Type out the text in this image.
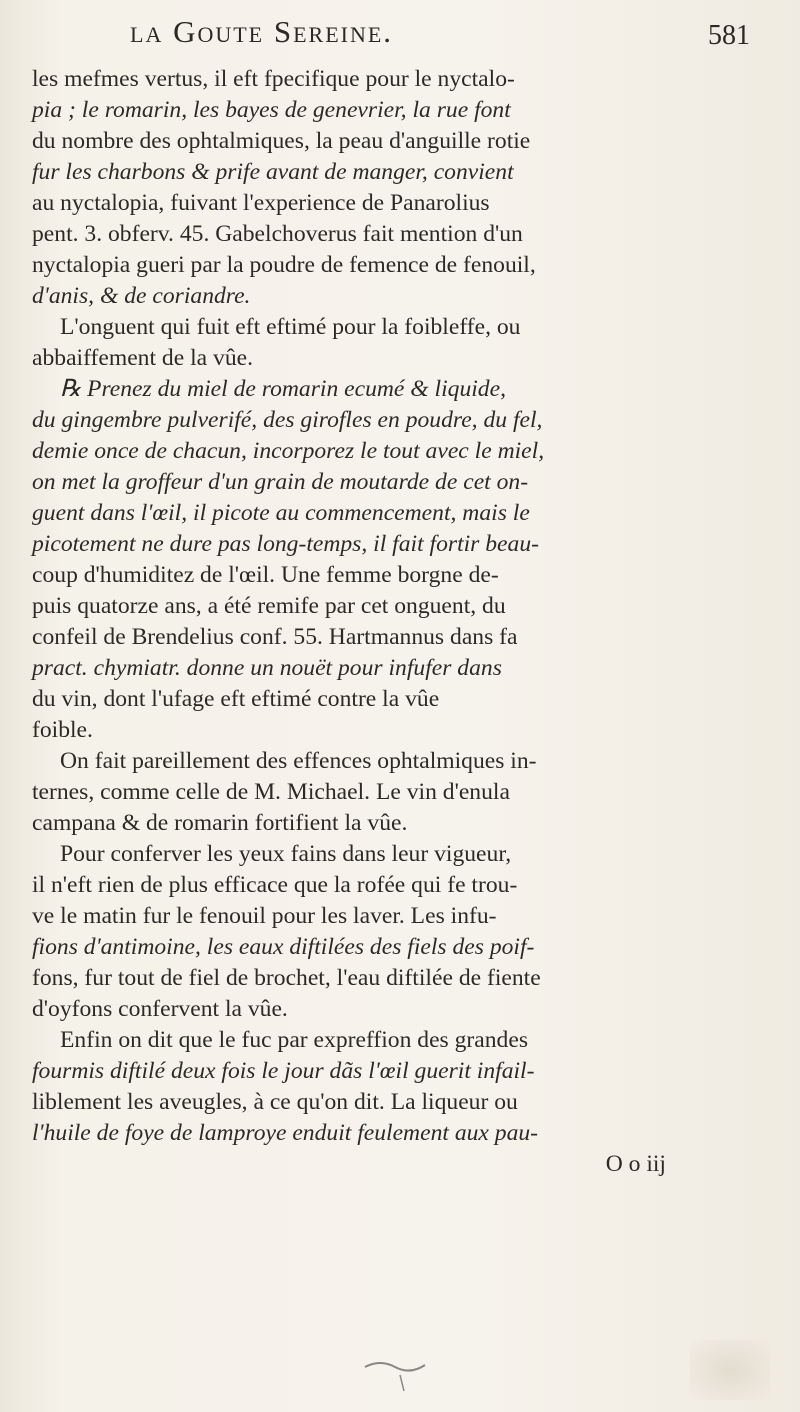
la Goute Sereine.	581

les mefmes vertus, il eft fpecifique pour le nyctalo-

pia ; le romarin, les bayes de genevrier, la rue font

du nombre des ophtalmiques, la peau d'anguille rotie

fur les charbons & prife avant de manger, convient

au nyctalopia, fuivant l'experience de Panarolius

pent. 3. obferv. 45. Gabelchoverus fait mention d'un

nyctalopia gueri par la poudre de femence de fenouil,

d'anis, & de coriandre.

L'onguent qui fuit eft eftimé pour la foibleffe, ou

abbaiffement de la vûe.

℞ Prenez du miel de romarin ecumé & liquide,

du gingembre pulverifé, des girofles en poudre, du fel,

demie once de chacun, incorporez le tout avec le miel,

on met la groffeur d'un grain de moutarde de cet on-

guent dans l'œil, il picote au commencement, mais le

picotement ne dure pas long-temps, il fait fortir beau-

coup d'humiditez de l'œil. Une femme borgne de-

puis quatorze ans, a été remife par cet onguent, du

confeil de Brendelius conf. 55. Hartmannus dans fa

pract. chymiatr. donne un nouët pour infufer dans

du vin, dont l'ufage eft eftimé contre la vûe

foible.

On fait pareillement des effences ophtalmiques in-

ternes, comme celle de M. Michael. Le vin d'enula

campana & de romarin fortifient la vûe.

Pour conferver les yeux fains dans leur vigueur,

il n'eft rien de plus efficace que la rofée qui fe trou-

ve le matin fur le fenouil pour les laver. Les infu-

fions d'antimoine, les eaux diftilées des fiels des poif-

fons, fur tout de fiel de brochet, l'eau diftilée de fiente

d'oyfons confervent la vûe.

Enfin on dit que le fuc par expreffion des grandes

fourmis diftilé deux fois le jour dãs l'œil guerit infail-

liblement les aveugles, à ce qu'on dit. La liqueur ou

l'huile de foye de lamproye enduit feulement aux pau-

O o iij
